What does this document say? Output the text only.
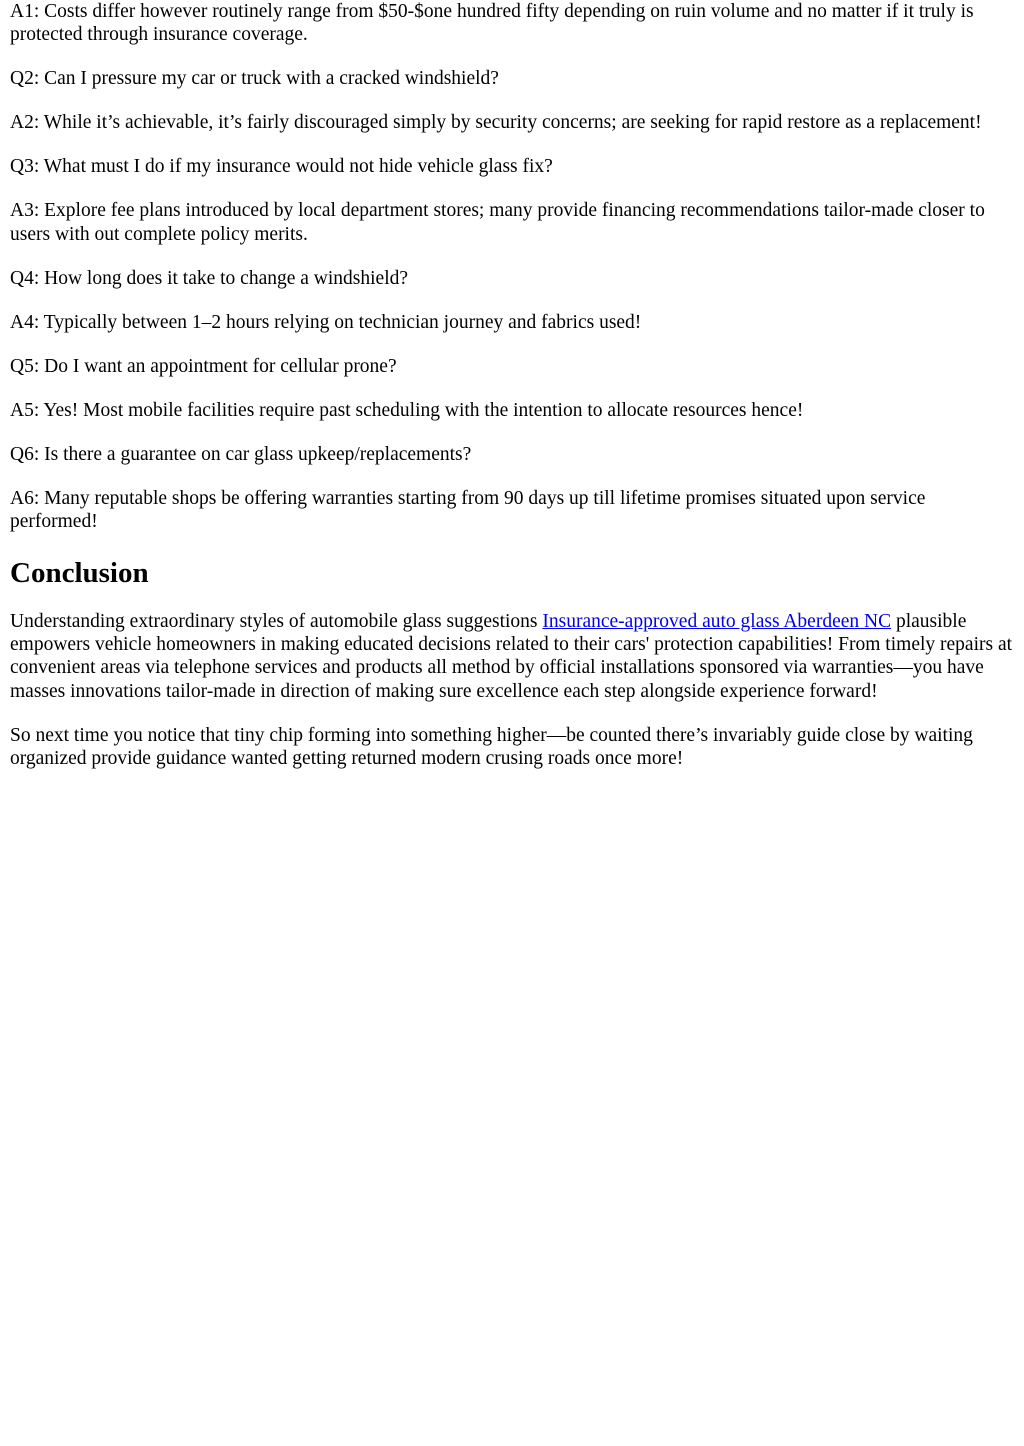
A1: Costs differ however routinely range from $50-$one hundred fifty depending on ruin volume and no matter if it truly is protected through insurance coverage.

Q2: Can I pressure my car or truck with a cracked windshield?

A2: While it’s achievable, it’s fairly discouraged simply by security concerns; are seeking for rapid restore as a replacement!

Q3: What must I do if my insurance would not hide vehicle glass fix?

A3: Explore fee plans introduced by local department stores; many provide financing recommendations tailor-made closer to users with out complete policy merits.

Q4: How long does it take to change a windshield?

A4: Typically between 1–2 hours relying on technician journey and fabrics used!

Q5: Do I want an appointment for cellular prone?

A5: Yes! Most mobile facilities require past scheduling with the intention to allocate resources hence!

Q6: Is there a guarantee on car glass upkeep/replacements?

A6: Many reputable shops be offering warranties starting from 90 days up till lifetime promises situated upon service performed!

Conclusion

Understanding extraordinary styles of automobile glass suggestions Insurance-approved auto glass Aberdeen NC plausible empowers vehicle homeowners in making educated decisions related to their cars' protection capabilities! From timely repairs at convenient areas via telephone services and products all method by official installations sponsored via warranties—you have masses innovations tailor-made in direction of making sure excellence each step alongside experience forward!

So next time you notice that tiny chip forming into something higher—be counted there’s invariably guide close by waiting organized provide guidance wanted getting returned modern crusing roads once more!
